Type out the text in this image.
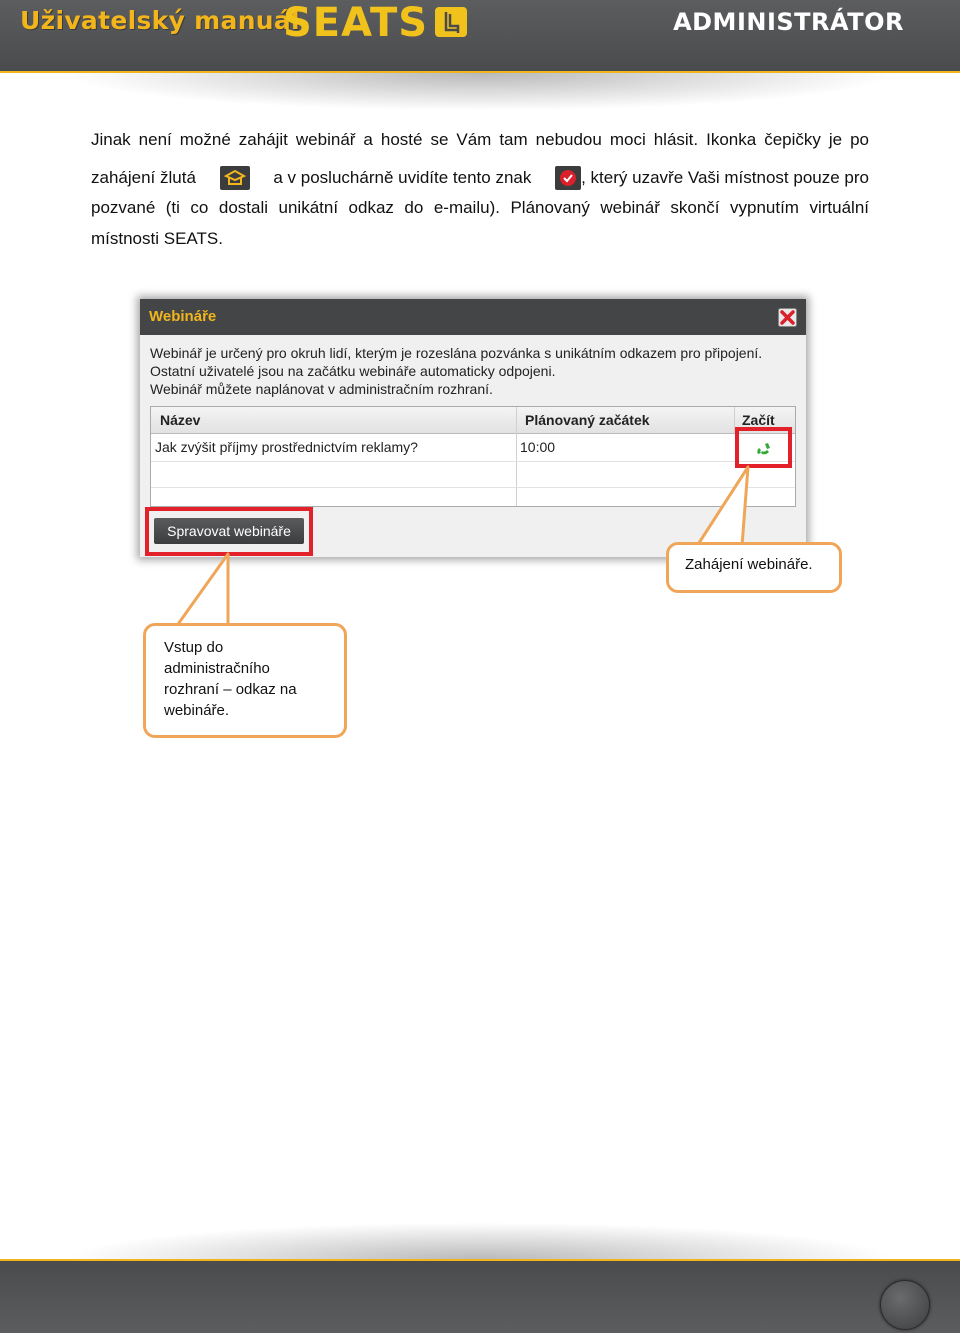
Uživatelský manuál
SEATS	ADMINISTRÁTOR
Jinak není možné zahájit webinář a hosté se Vám tam nebudou moci hlásit. Ikonka čepičky je po
zahájení žlutá	a v posluchárně uvidíte tento znak	, který uzavře Vaši místnost pouze pro
pozvané (ti co dostali unikátní odkaz do e-mailu). Plánovaný webinář skončí vypnutím virtuální
místnosti SEATS.
Webináře
Webinář je určený pro okruh lidí, kterým je rozeslána pozvánka s unikátním odkazem pro připojení.
Ostatní uživatelé jsou na začátku webináře automaticky odpojeni.
Webinář můžete naplánovat v administračním rozhraní.
Název	Plánovaný začátek	Začít
Jak zvýšit příjmy prostřednictvím reklamy?	10:00
Spravovat webináře
Zahájení webináře.
Vstup do
administračního
rozhraní – odkaz na
webináře.
